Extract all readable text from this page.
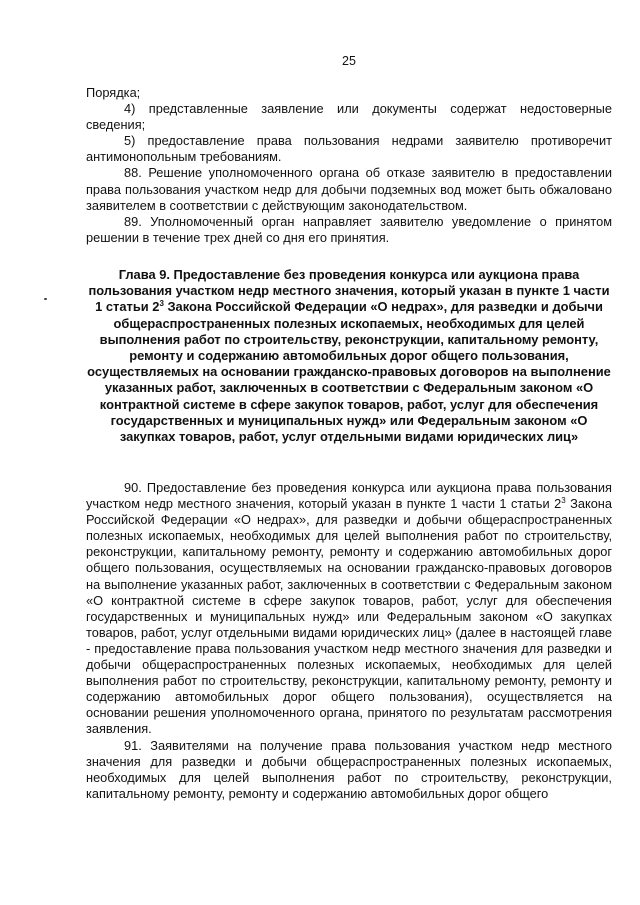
25

Порядка;

4) представленные заявление или документы содержат недостоверные сведения;

5) предоставление права пользования недрами заявителю противоречит антимонопольным требованиям.

88. Решение уполномоченного органа об отказе заявителю в предоставлении права пользования участком недр для добычи подземных вод может быть обжаловано заявителем в соответствии с действующим законодательством.

89. Уполномоченный орган направляет заявителю уведомление о принятом решении в течение трех дней со дня его принятия.

Глава 9. Предоставление без проведения конкурса или аукциона права пользования участком недр местного значения, который указан в пункте 1 части 1 статьи $2^3$ Закона Российской Федерации «О недрах», для разведки и добычи общераспространенных полезных ископаемых, необходимых для целей выполнения работ по строительству, реконструкции, капитальному ремонту, ремонту и содержанию автомобильных дорог общего пользования, осуществляемых на основании гражданско-правовых договоров на выполнение указанных работ, заключенных в соответствии с Федеральным законом «О контрактной системе в сфере закупок товаров, работ, услуг для обеспечения государственных и муниципальных нужд» или Федеральным законом «О закупках товаров, работ, услуг отдельными видами юридических лиц»

90. Предоставление без проведения конкурса или аукциона права пользования участком недр местного значения, который указан в пункте 1 части 1 статьи $2^3$ Закона Российской Федерации «О недрах», для разведки и добычи общераспространенных полезных ископаемых, необходимых для целей выполнения работ по строительству, реконструкции, капитальному ремонту, ремонту и содержанию автомобильных дорог общего пользования, осуществляемых на основании гражданско-правовых договоров на выполнение указанных работ, заключенных в соответствии с Федеральным законом «О контрактной системе в сфере закупок товаров, работ, услуг для обеспечения государственных и муниципальных нужд» или Федеральным законом «О закупках товаров, работ, услуг отдельными видами юридических лиц» (далее в настоящей главе - предоставление права пользования участком недр местного значения для разведки и добычи общераспространенных полезных ископаемых, необходимых для целей выполнения работ по строительству, реконструкции, капитальному ремонту, ремонту и содержанию автомобильных дорог общего пользования), осуществляется на основании решения уполномоченного органа, принятого по результатам рассмотрения заявления.

91. Заявителями на получение права пользования участком недр местного значения для разведки и добычи общераспространенных полезных ископаемых, необходимых для целей выполнения работ по строительству, реконструкции, капитальному ремонту, ремонту и содержанию автомобильных дорог общего
